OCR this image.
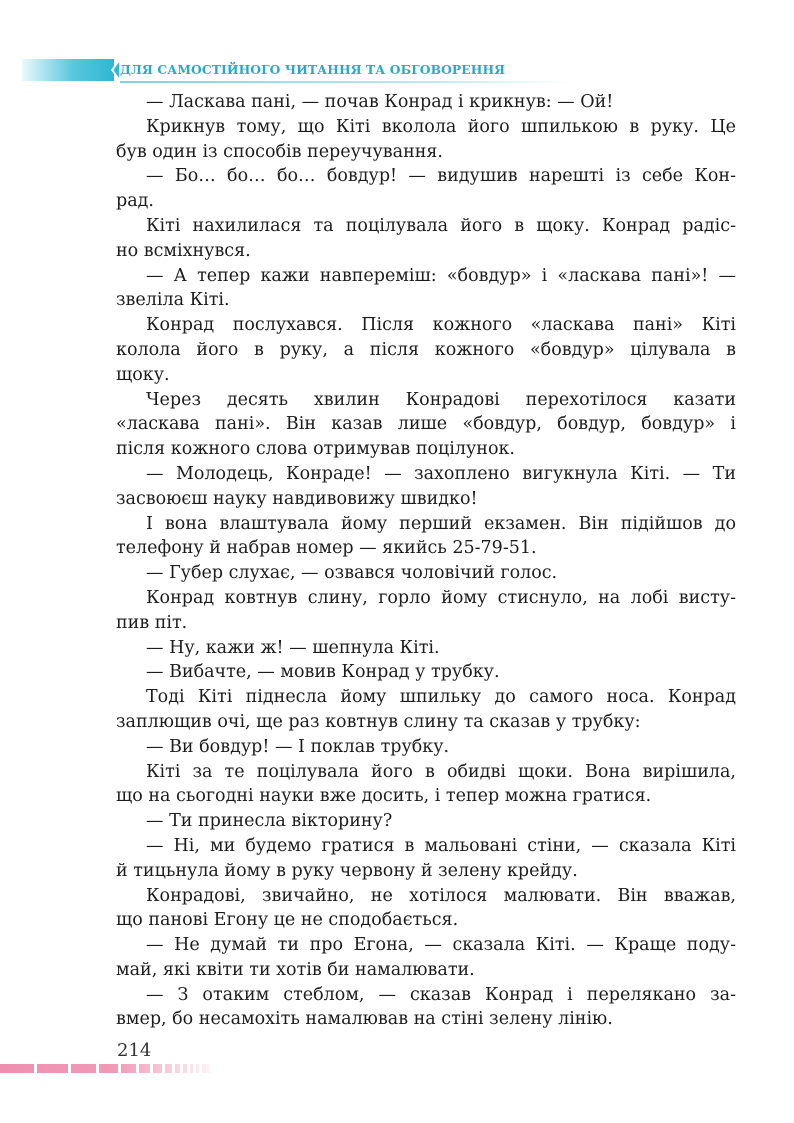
ДЛЯ САМОСТІЙНОГО ЧИТАННЯ ТА ОБГОВОРЕННЯ
— Ласкава пані, — почав Конрад і крикнув: — Ой!
Крикнув тому, що Кіті вколола його шпилькою в руку. Це
був один із способів переучування.
— Бо… бо… бо… бовдур! — видушив нарешті із себе Кон-
рад.
Кіті нахилилася та поцілувала його в щоку. Конрад радіс-
но всміхнувся.
— А тепер кажи навперемiш: «бовдур» і «ласкава пані»! —
звеліла Кіті.
Конрад послухався. Після кожного «ласкава пані» Кіті
колола його в руку, а після кожного «бовдур» цілувала в
щоку.
Через десять хвилин Конрадові перехотілося казати
«ласкава пані». Він казав лише «бовдур, бовдур, бовдур» і
після кожного слова отримував поцілунок.
— Молодець, Конраде! — захоплено вигукнула Кіті. — Ти
засвоюєш науку навдивовижу швидко!
І вона влаштувала йому перший екзамен. Він підійшов до
телефону й набрав номер — якийсь 25-79-51.
— Губер слухає, — озвався чоловічий голос.
Конрад ковтнув слину, горло йому стиснуло, на лобі висту-
пив піт.
— Ну, кажи ж! — шепнула Кіті.
— Вибачте, — мовив Конрад у трубку.
Тоді Кіті піднесла йому шпильку до самого носа. Конрад
заплющив очі, ще раз ковтнув слину та сказав у трубку:
— Ви бовдур! — І поклав трубку.
Кіті за те поцілувала його в обидві щоки. Вона вирішила,
що на сьогодні науки вже досить, і тепер можна гратися.
— Ти принесла вікторину?
— Ні, ми будемо гратися в мальовані стіни, — сказала Кіті
й тицьнула йому в руку червону й зелену крейду.
Конрадові, звичайно, не хотілося малювати. Він вважав,
що панові Егону це не сподобається.
— Не думай ти про Егона, — сказала Кіті. — Краще поду-
май, які квіти ти хотів би намалювати.
— З отаким стеблом, — сказав Конрад і перелякано за-
вмер, бо несамохіть намалював на стіні зелену лінію.
214
